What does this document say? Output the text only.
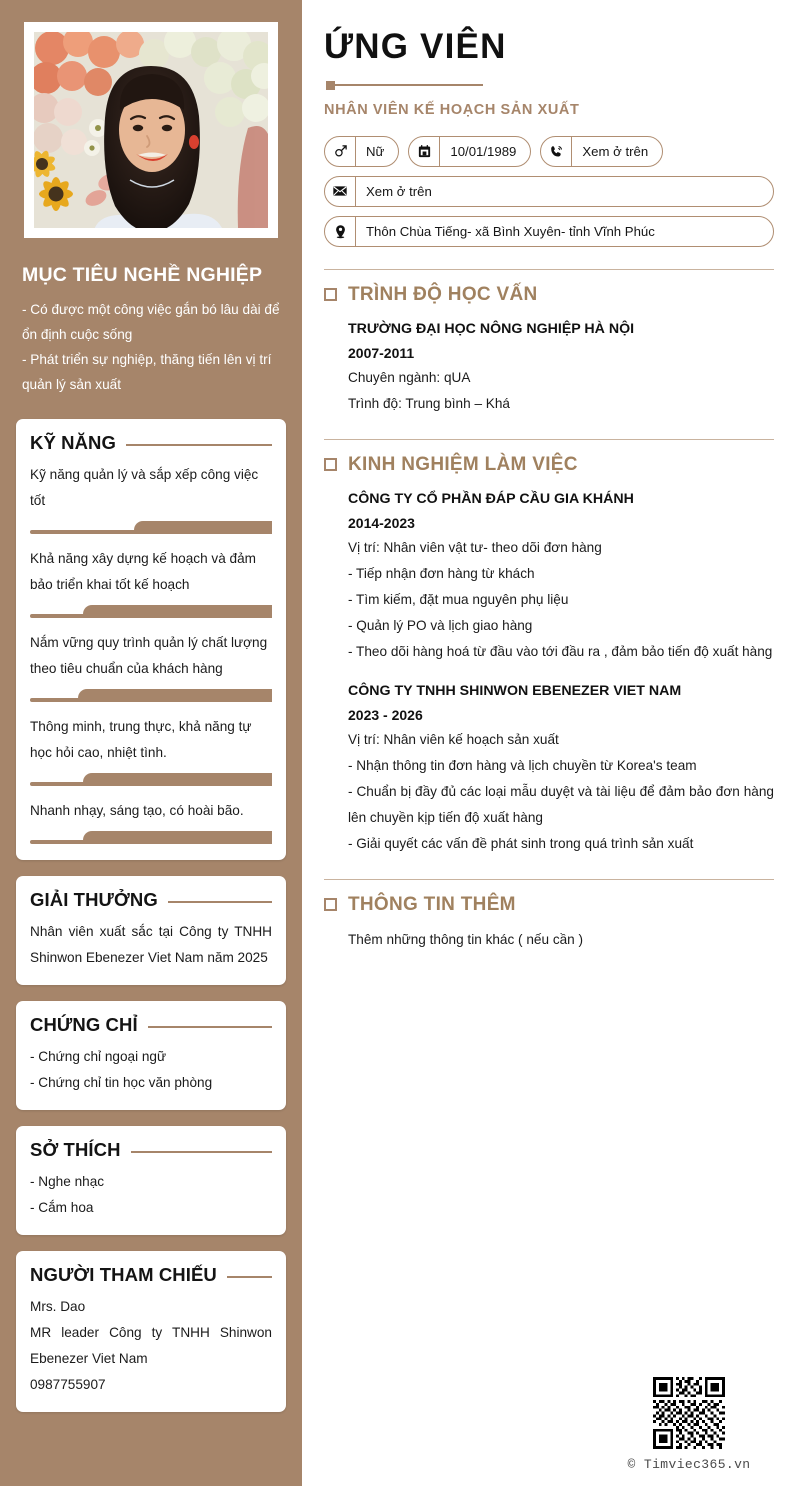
MỤC TIÊU NGHỀ NGHIỆP

- Có được một công việc gắn bó lâu dài để ổn định cuộc sống

- Phát triển sự nghiệp, thăng tiến lên vị trí quản lý sản xuất

KỸ NĂNG
Kỹ năng quản lý và sắp xếp công việc tốt
Khả năng xây dựng kế hoạch và đảm bảo triển khai tốt kế hoạch
Nắm vững quy trình quản lý chất lượng theo tiêu chuẩn của khách hàng
Thông minh, trung thực, khả năng tự học hỏi cao, nhiệt tình.
Nhanh nhạy, sáng tạo, có hoài bão.
GIẢI THƯỞNG

Nhân viên xuất sắc tại Công ty TNHH Shinwon Ebenezer Viet Nam năm 2025

CHỨNG CHỈ

- Chứng chỉ ngoại ngữ

- Chứng chỉ tin học văn phòng

SỞ THÍCH

- Nghe nhạc

- Cắm hoa

NGƯỜI THAM CHIẾU

Mrs. Dao

MR leader Công ty TNHH Shinwon Ebenezer Viet Nam

0987755907

ỨNG VIÊN
NHÂN VIÊN KẾ HOẠCH SẢN XUẤT
Nữ	10/01/1989	Xem ở trên
Xem ở trên
Thôn Chùa Tiếng- xã Bình Xuyên- tỉnh Vĩnh Phúc
TRÌNH ĐỘ HỌC VẤN
TRƯỜNG ĐẠI HỌC NÔNG NGHIỆP HÀ NỘI
2007-2011
Chuyên ngành: qUA
Trình độ: Trung bình – Khá
KINH NGHIỆM LÀM VIỆC
CÔNG TY CỔ PHẦN ĐÁP CẦU GIA KHÁNH
2014-2023
Vị trí: Nhân viên vật tư- theo dõi đơn hàng
- Tiếp nhận đơn hàng từ khách
- Tìm kiếm, đặt mua nguyên phụ liệu
- Quản lý PO và lịch giao hàng
- Theo dõi hàng hoá từ đầu vào tới đầu ra , đảm bảo tiến độ xuất hàng
CÔNG TY TNHH SHINWON EBENEZER VIET NAM
2023 - 2026
Vị trí: Nhân viên kế hoạch sản xuất
- Nhận thông tin đơn hàng và lịch chuyền từ Korea's team
- Chuẩn bị đầy đủ các loại mẫu duyệt và tài liệu để đảm bảo đơn hàng lên chuyền kịp tiến độ xuất hàng
- Giải quyết các vấn đề phát sinh trong quá trình sản xuất
THÔNG TIN THÊM
Thêm những thông tin khác ( nếu cần )
© Timviec365.vn
